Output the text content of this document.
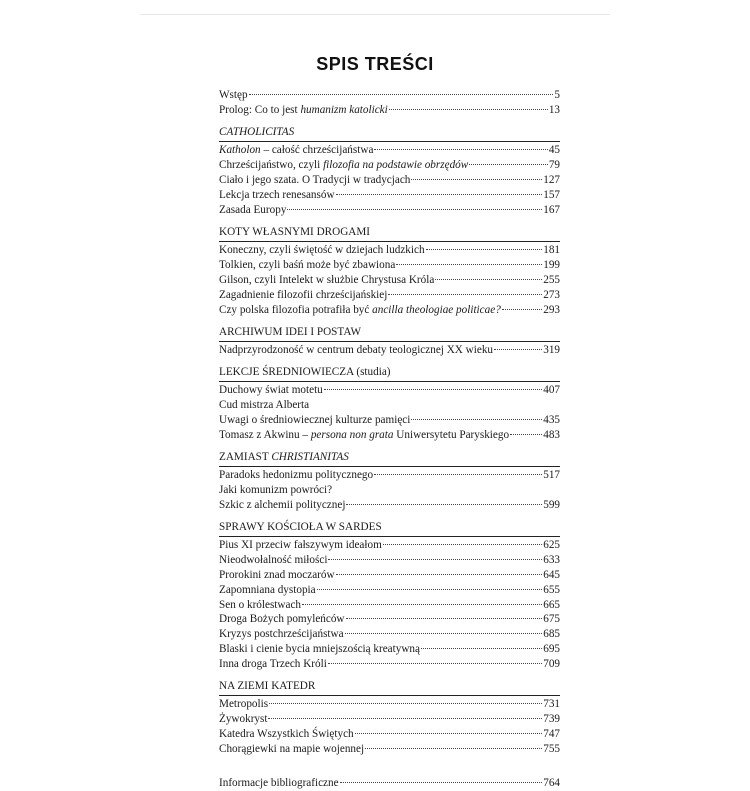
SPIS TREŚCI
Wstęp	5
Prolog: Co to jest humanizm katolicki	13
CATHOLICITAS
Katholon – całość chrześcijaństwa	45
Chrześcijaństwo, czyli filozofia na podstawie obrzędów	79
Ciało i jego szata. O Tradycji w tradycjach	127
Lekcja trzech renesansów	157
Zasada Europy	167
KOTY WŁASNYMI DROGAMI
Koneczny, czyli świętość w dziejach ludzkich	181
Tolkien, czyli baśń może być zbawiona	199
Gilson, czyli Intelekt w służbie Chrystusa Króla	255
Zagadnienie filozofii chrześcijańskiej	273
Czy polska filozofia potrafiła być ancilla theologiae politicae?	293
ARCHIWUM IDEI I POSTAW
Nadprzyrodzoność w centrum debaty teologicznej XX wieku	319
LEKCJE ŚREDNIOWIECZA (studia)
Duchowy świat motetu	407
Cud mistrza Alberta
Uwagi o średniowiecznej kulturze pamięci	435
Tomasz z Akwinu – persona non grata Uniwersytetu Paryskiego	483
ZAMIAST CHRISTIANITAS
Paradoks hedonizmu politycznego	517
Jaki komunizm powróci?
Szkic z alchemii politycznej	599
SPRAWY KOŚCIOŁA W SARDES
Pius XI przeciw fałszywym ideałom	625
Nieodwołalność miłości	633
Prorokini znad moczarów	645
Zapomniana dystopia	655
Sen o królestwach	665
Droga Bożych pomyleńców	675
Kryzys postchrześcijaństwa	685
Blaski i cienie bycia mniejszością kreatywną	695
Inna droga Trzech Króli	709
NA ZIEMI KATEDR
Metropolis	731
Żywokryst	739
Katedra Wszystkich Świętych	747
Chorągiewki na mapie wojennej	755
Informacje bibliograficzne	764
